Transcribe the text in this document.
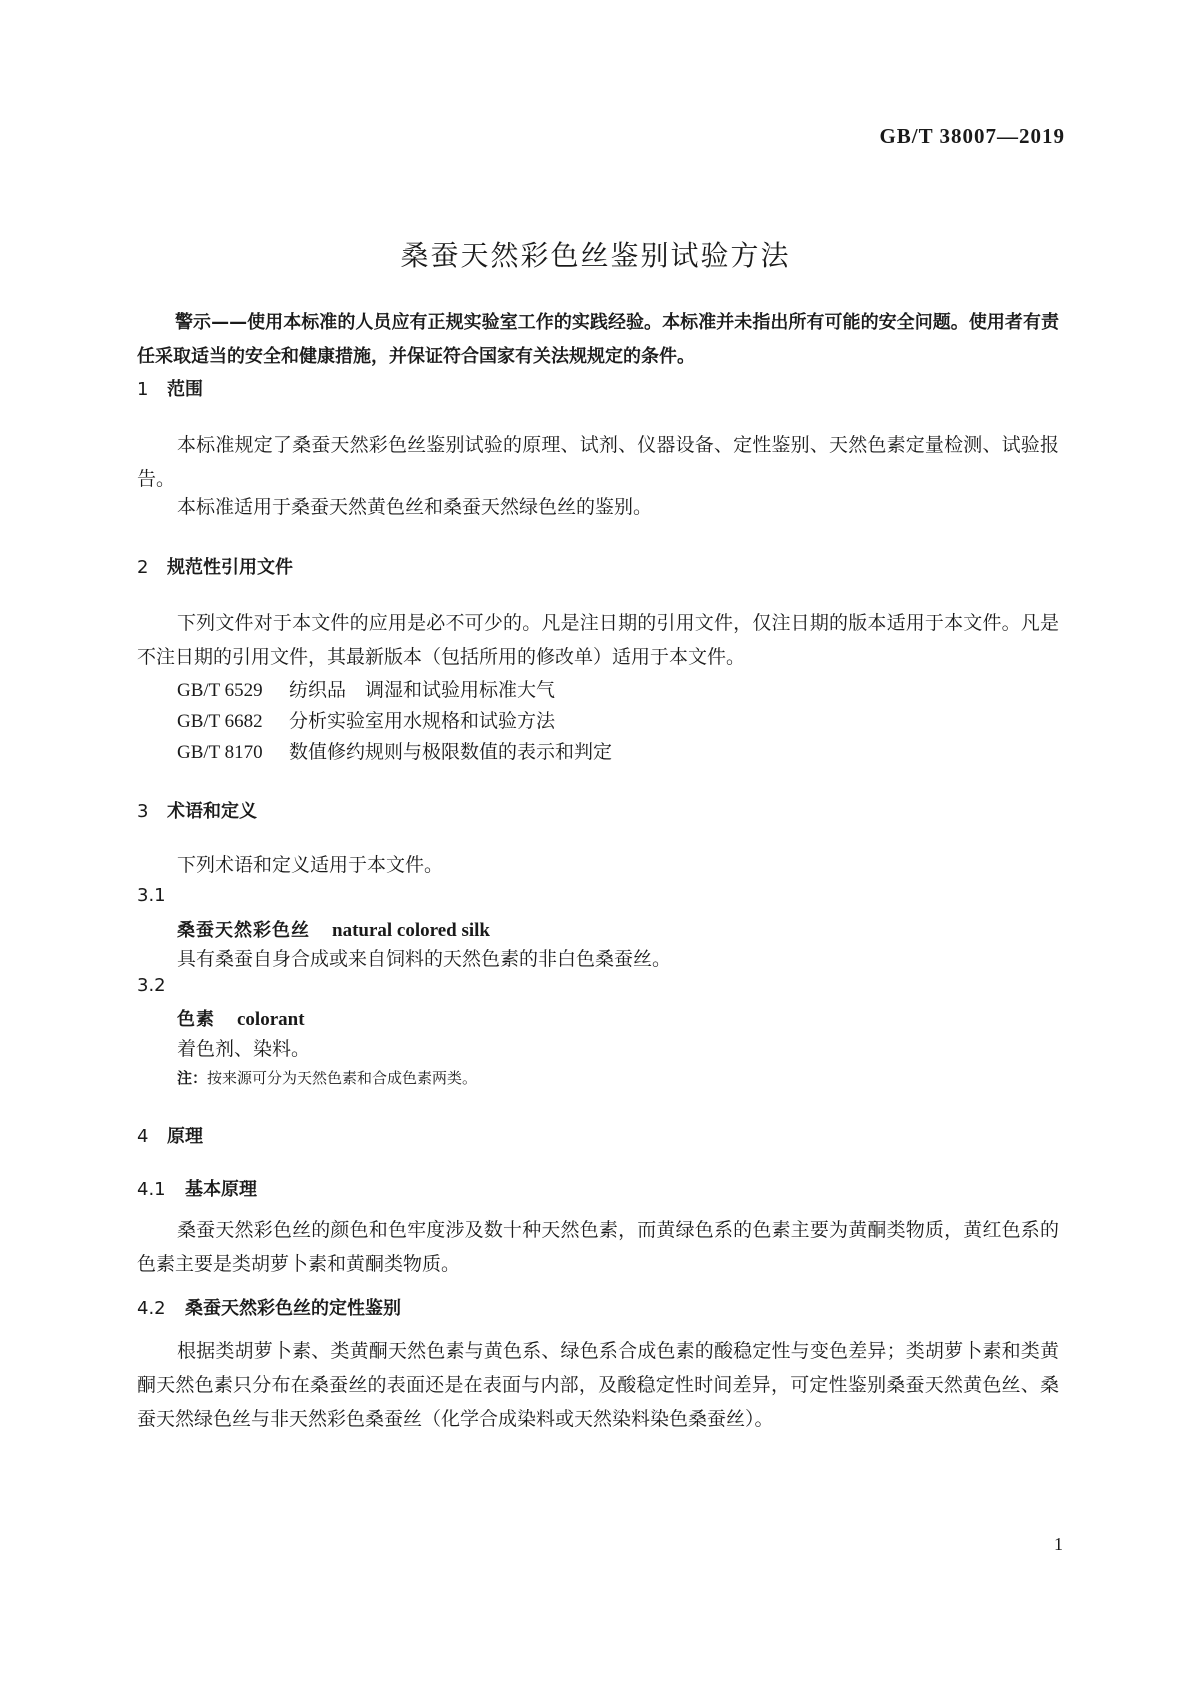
GB/T 38007—2019
桑蚕天然彩色丝鉴别试验方法
警示——使用本标准的人员应有正规实验室工作的实践经验。本标准并未指出所有可能的安全问题。使用者有责任采取适当的安全和健康措施，并保证符合国家有关法规规定的条件。
1 范围
本标准规定了桑蚕天然彩色丝鉴别试验的原理、试剂、仪器设备、定性鉴别、天然色素定量检测、试验报告。
本标准适用于桑蚕天然黄色丝和桑蚕天然绿色丝的鉴别。
2 规范性引用文件
下列文件对于本文件的应用是必不可少的。凡是注日期的引用文件，仅注日期的版本适用于本文件。凡是不注日期的引用文件，其最新版本（包括所用的修改单）适用于本文件。
GB/T 6529 纺织品　调湿和试验用标准大气
GB/T 6682 分析实验室用水规格和试验方法
GB/T 8170 数值修约规则与极限数值的表示和判定
3 术语和定义
下列术语和定义适用于本文件。
3.1
桑蚕天然彩色丝 natural colored silk
具有桑蚕自身合成或来自饲料的天然色素的非白色桑蚕丝。
3.2
色素 colorant
着色剂、染料。
注：按来源可分为天然色素和合成色素两类。
4 原理
4.1 基本原理
桑蚕天然彩色丝的颜色和色牢度涉及数十种天然色素，而黄绿色系的色素主要为黄酮类物质，黄红色系的色素主要是类胡萝卜素和黄酮类物质。
4.2 桑蚕天然彩色丝的定性鉴别
根据类胡萝卜素、类黄酮天然色素与黄色系、绿色系合成色素的酸稳定性与变色差异；类胡萝卜素和类黄酮天然色素只分布在桑蚕丝的表面还是在表面与内部，及酸稳定性时间差异，可定性鉴别桑蚕天然黄色丝、桑蚕天然绿色丝与非天然彩色桑蚕丝（化学合成染料或天然染料染色桑蚕丝）。
1
